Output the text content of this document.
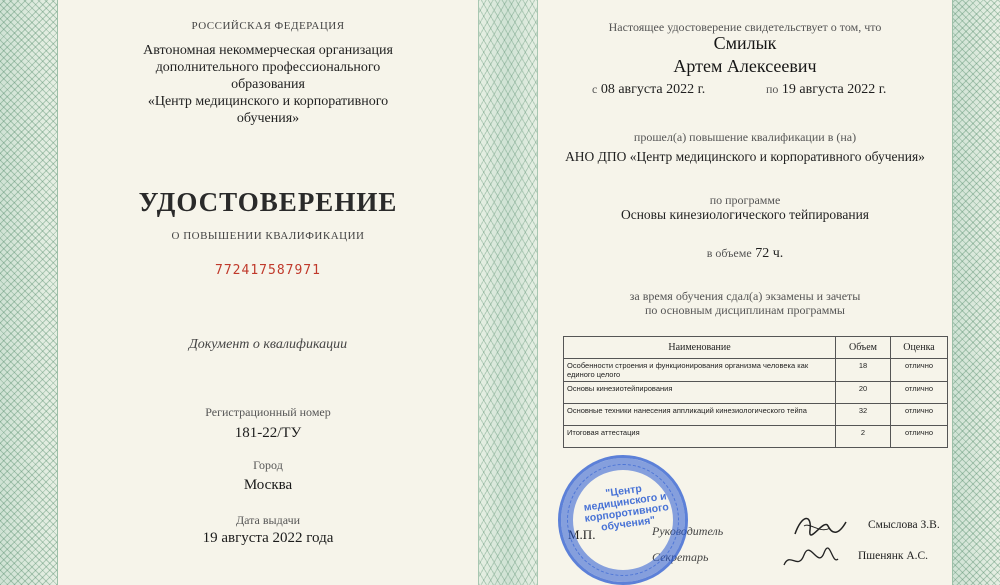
РОССИЙСКАЯ ФЕДЕРАЦИЯ
Автономная некоммерческая организация
дополнительного профессионального
образования
«Центр медицинского и корпоративного
обучения»
УДОСТОВЕРЕНИЕ
О ПОВЫШЕНИИ КВАЛИФИКАЦИИ
772417587971
Документ о квалификации
Регистрационный номер
181-22/ТУ
Город
Москва
Дата выдачи
19 августа 2022 года
Настоящее удостоверение свидетельствует о том, что
Смилык
Артем Алексеевич
с 08 августа 2022 г.	по 19 августа 2022 г.
прошел(а) повышение квалификации в (на)
АНО ДПО «Центр медицинского и корпоративного обучения»
по программе
Основы кинезиологического тейпирования
в объеме 72 ч.
за время обучения сдал(а) экзамены и зачеты
по основным дисциплинам программы
Наименование	Объем	Оценка
Особенности строения и функционирования организма человека как единого целого	18	отлично
Основы кинезиотейпирования	20	отлично
Основные техники нанесения аппликаций кинезиологического тейпа	32	отлично
Итоговая аттестация	2	отлично
М.П.	Руководитель
Секретарь
Смыслова З.В.
Пшенянк А.С.
"Центр медицинского и корпоротивного обучения"
